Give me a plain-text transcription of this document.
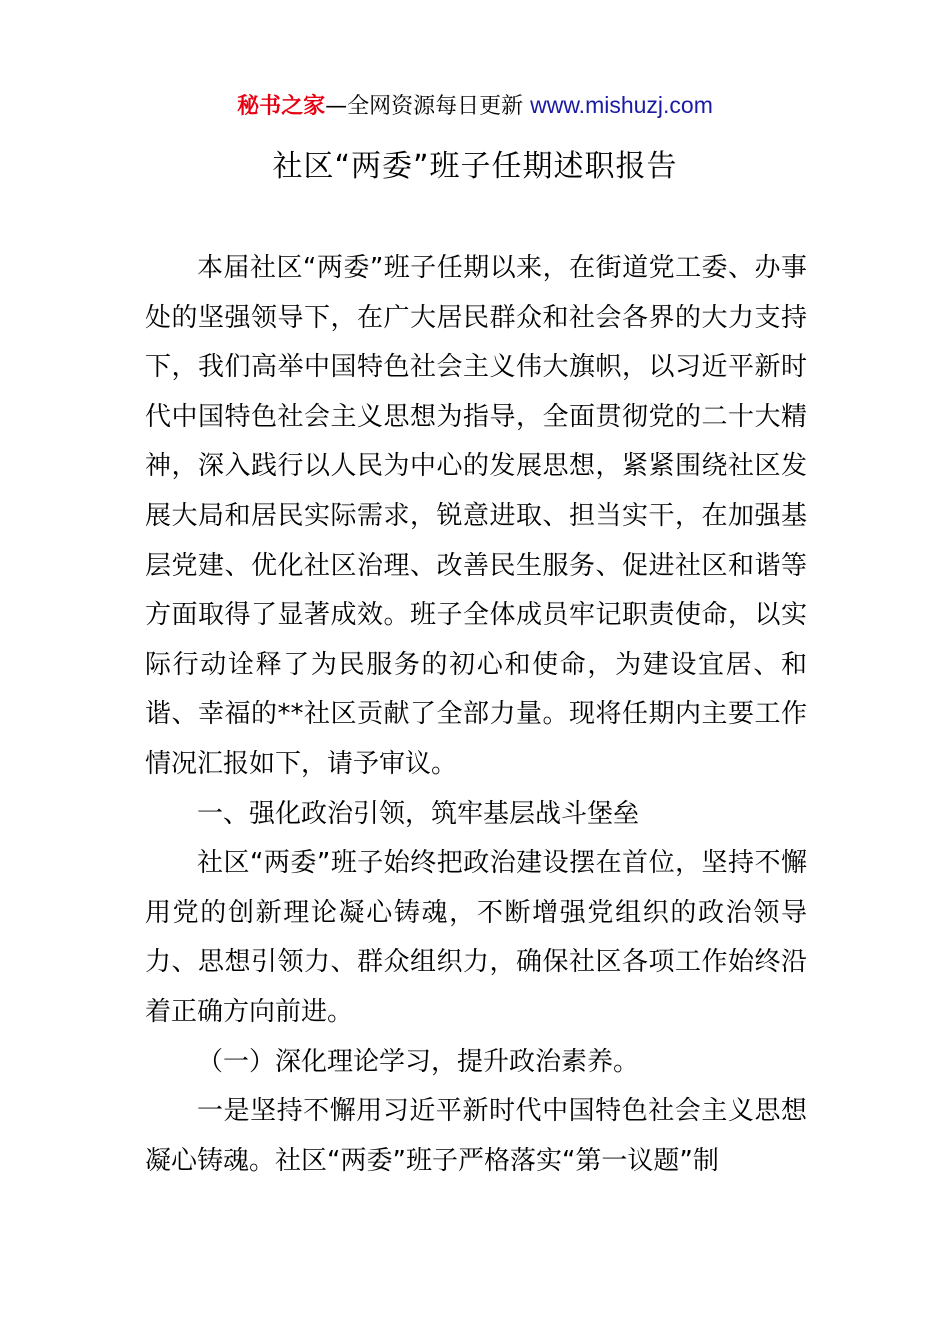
秘书之家—全网资源每日更新 www.mishuzj.com
社区“两委”班子任期述职报告

本届社区“两委”班子任期以来，在街道党工委、办事处的坚强领导下，在广大居民群众和社会各界的大力支持下，我们高举中国特色社会主义伟大旗帜，以习近平新时代中国特色社会主义思想为指导，全面贯彻党的二十大精神，深入践行以人民为中心的发展思想，紧紧围绕社区发展大局和居民实际需求，锐意进取、担当实干，在加强基层党建、优化社区治理、改善民生服务、促进社区和谐等方面取得了显著成效。班子全体成员牢记职责使命，以实际行动诠释了为民服务的初心和使命，为建设宜居、和谐、幸福的**社区贡献了全部力量。现将任期内主要工作情况汇报如下，请予审议。

一、强化政治引领，筑牢基层战斗堡垒

社区“两委”班子始终把政治建设摆在首位，坚持不懈用党的创新理论凝心铸魂，不断增强党组织的政治领导力、思想引领力、群众组织力，确保社区各项工作始终沿着正确方向前进。

（一）深化理论学习，提升政治素养。

一是坚持不懈用习近平新时代中国特色社会主义思想凝心铸魂。社区“两委”班子严格落实“第一议题”制
